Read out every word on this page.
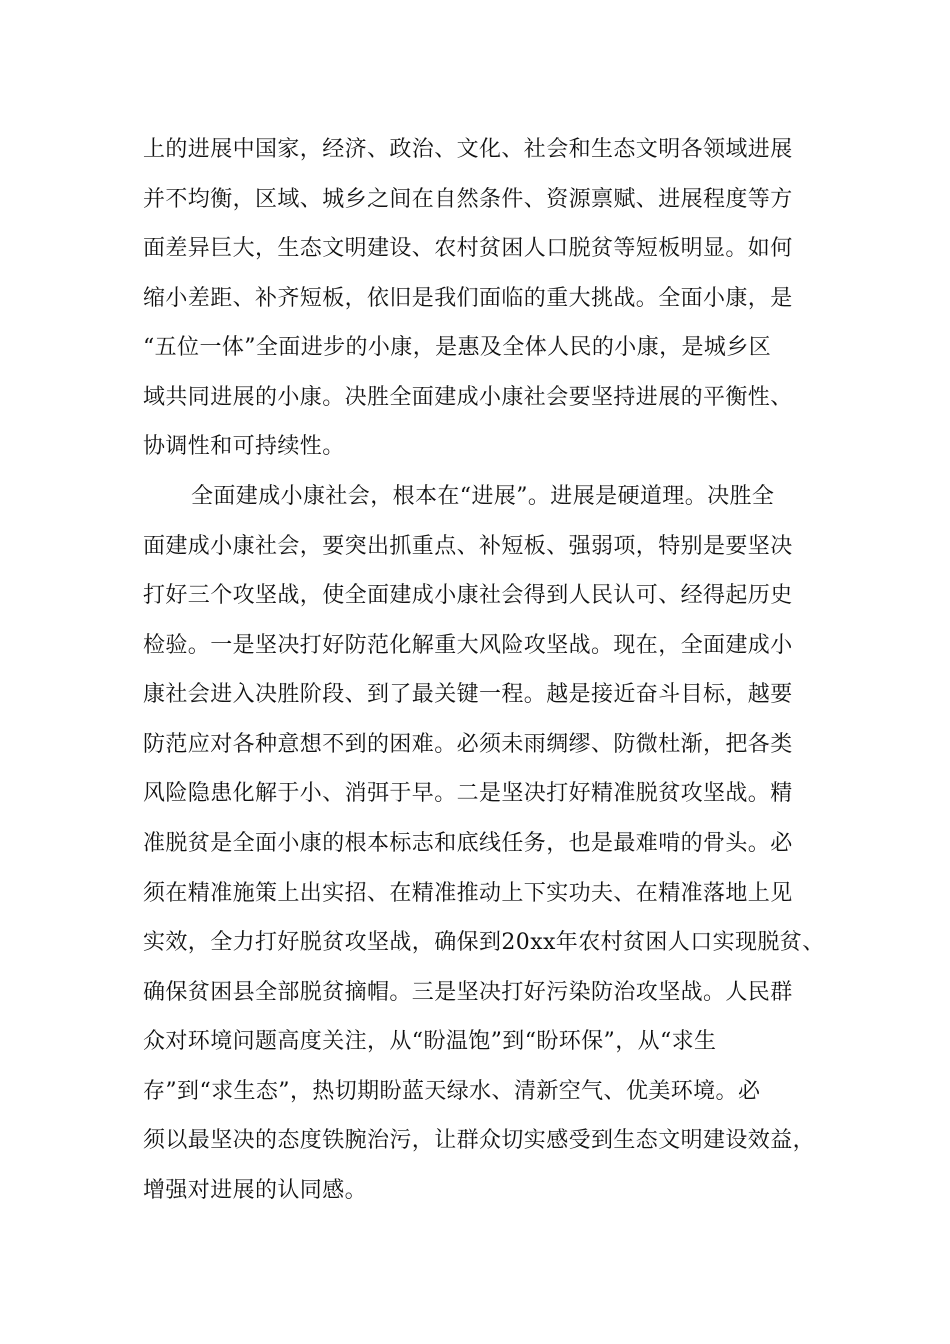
上的进展中国家，经济、政治、文化、社会和生态文明各领域进展
并不均衡，区域、城乡之间在自然条件、资源禀赋、进展程度等方
面差异巨大，生态文明建设、农村贫困人口脱贫等短板明显。如何
缩小差距、补齐短板，依旧是我们面临的重大挑战。全面小康，是
“五位一体”全面进步的小康，是惠及全体人民的小康，是城乡区
域共同进展的小康。决胜全面建成小康社会要坚持进展的平衡性、
协调性和可持续性。
全面建成小康社会，根本在“进展”。进展是硬道理。决胜全
面建成小康社会，要突出抓重点、补短板、强弱项，特别是要坚决
打好三个攻坚战，使全面建成小康社会得到人民认可、经得起历史
检验。一是坚决打好防范化解重大风险攻坚战。现在，全面建成小
康社会进入决胜阶段、到了最关键一程。越是接近奋斗目标，越要
防范应对各种意想不到的困难。必须未雨绸缪、防微杜渐，把各类
风险隐患化解于小、消弭于早。二是坚决打好精准脱贫攻坚战。精
准脱贫是全面小康的根本标志和底线任务，也是最难啃的骨头。必
须在精准施策上出实招、在精准推动上下实功夫、在精准落地上见
实效，全力打好脱贫攻坚战，确保到20xx年农村贫困人口实现脱贫、
确保贫困县全部脱贫摘帽。三是坚决打好污染防治攻坚战。人民群
众对环境问题高度关注，从“盼温饱”到“盼环保”，从“求生
存”到“求生态”，热切期盼蓝天绿水、清新空气、优美环境。必
须以最坚决的态度铁腕治污，让群众切实感受到生态文明建设效益，
增强对进展的认同感。
